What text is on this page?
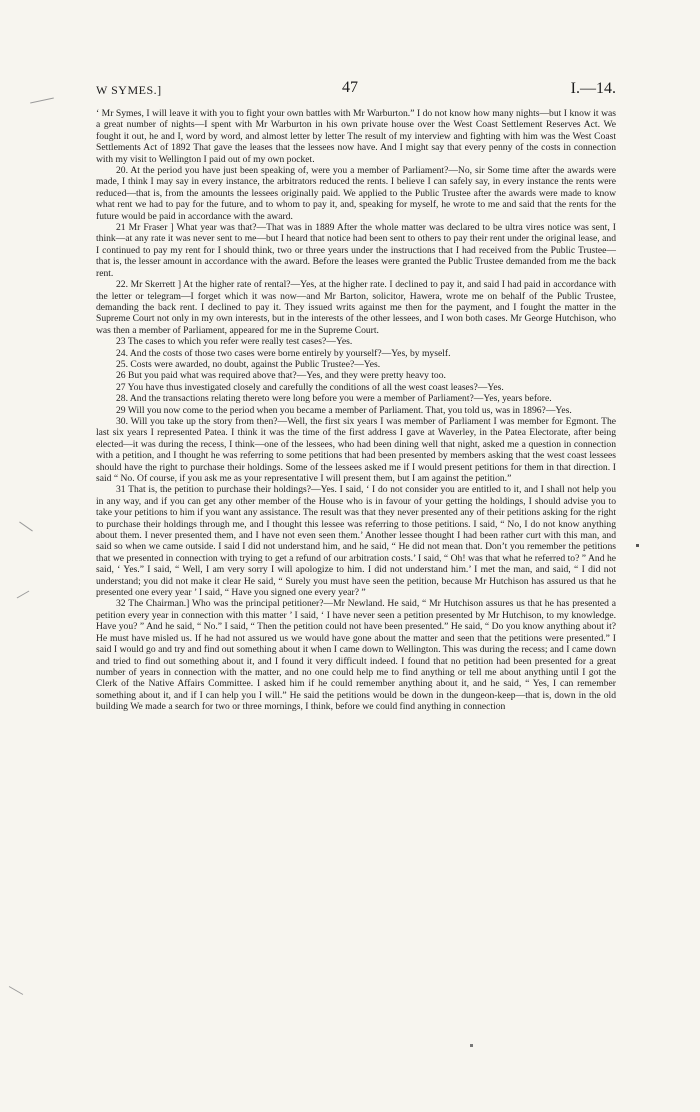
W SYMES.]	47	I.—14.

‘ Mr Symes, I will leave it with you to fight your own battles with Mr Warburton.” I do not know how many nights—but I know it was a great number of nights—I spent with Mr Warburton in his own private house over the West Coast Settlement Reserves Act. We fought it out, he and I, word by word, and almost letter by letter The result of my interview and fighting with him was the West Coast Settlements Act of 1892 That gave the leases that the lessees now have. And I might say that every penny of the costs in connection with my visit to Wellington I paid out of my own pocket.

20. At the period you have just been speaking of, were you a member of Parliament?—No, sir Some time after the awards were made, I think I may say in every instance, the arbitrators reduced the rents. I believe I can safely say, in every instance the rents were reduced—that is, from the amounts the lessees originally paid. We applied to the Public Trustee after the awards were made to know what rent we had to pay for the future, and to whom to pay it, and, speaking for myself, he wrote to me and said that the rents for the future would be paid in accordance with the award.

21 Mr Fraser ] What year was that?—That was in 1889 After the whole matter was declared to be ultra vires notice was sent, I think—at any rate it was never sent to me—but I heard that notice had been sent to others to pay their rent under the original lease, and I continued to pay my rent for I should think, two or three years under the instructions that I had received from the Public Trustee—that is, the lesser amount in accordance with the award. Before the leases were granted the Public Trustee demanded from me the back rent.

22. Mr Skerrett ] At the higher rate of rental?—Yes, at the higher rate. I declined to pay it, and said I had paid in accordance with the letter or telegram—I forget which it was now—and Mr Barton, solicitor, Hawera, wrote me on behalf of the Public Trustee, demanding the back rent. I declined to pay it. They issued writs against me then for the payment, and I fought the matter in the Supreme Court not only in my own interests, but in the interests of the other lessees, and I won both cases. Mr George Hutchison, who was then a member of Parliament, appeared for me in the Supreme Court.

23 The cases to which you refer were really test cases?—Yes.

24. And the costs of those two cases were borne entirely by yourself?—Yes, by myself.

25. Costs were awarded, no doubt, against the Public Trustee?—Yes.

26 But you paid what was required above that?—Yes, and they were pretty heavy too.

27 You have thus investigated closely and carefully the conditions of all the west coast leases?—Yes.

28. And the transactions relating thereto were long before you were a member of Parliament?—Yes, years before.

29 Will you now come to the period when you became a member of Parliament. That, you told us, was in 1896?—Yes.

30. Will you take up the story from then?—Well, the first six years I was member of Parliament I was member for Egmont. The last six years I represented Patea. I think it was the time of the first address I gave at Waverley, in the Patea Electorate, after being elected—it was during the recess, I think—one of the lessees, who had been dining well that night, asked me a question in connection with a petition, and I thought he was referring to some petitions that had been presented by members asking that the west coast lessees should have the right to purchase their holdings. Some of the lessees asked me if I would present petitions for them in that direction. I said “ No. Of course, if you ask me as your representative I will present them, but I am against the petition.”

31 That is, the petition to purchase their holdings?—Yes. I said, ‘ I do not consider you are entitled to it, and I shall not help you in any way, and if you can get any other member of the House who is in favour of your getting the holdings, I should advise you to take your petitions to him if you want any assistance. The result was that they never presented any of their petitions asking for the right to purchase their holdings through me, and I thought this lessee was referring to those petitions. I said, “ No, I do not know anything about them. I never presented them, and I have not even seen them.’ Another lessee thought I had been rather curt with this man, and said so when we came outside. I said I did not understand him, and he said, “ He did not mean that. Don’t you remember the petitions that we presented in connection with trying to get a refund of our arbitration costs.’ I said, “ Oh! was that what he referred to? ” And he said, ‘ Yes.” I said, “ Well, I am very sorry I will apologize to him. I did not understand him.’ I met the man, and said, “ I did not understand; you did not make it clear He said, “ Surely you must have seen the petition, because Mr Hutchison has assured us that he presented one every year ’ I said, “ Have you signed one every year? ”

32 The Chairman.] Who was the principal petitioner?—Mr Newland. He said, “ Mr Hutchison assures us that he has presented a petition every year in connection with this matter ’ I said, ‘ I have never seen a petition presented by Mr Hutchison, to my knowledge. Have you? ” And he said, “ No.” I said, “ Then the petition could not have been presented.” He said, “ Do you know anything about it? He must have misled us. If he had not assured us we would have gone about the matter and seen that the petitions were presented.” I said I would go and try and find out something about it when I came down to Wellington. This was during the recess; and I came down and tried to find out something about it, and I found it very difficult indeed. I found that no petition had been presented for a great number of years in connection with the matter, and no one could help me to find anything or tell me about anything until I got the Clerk of the Native Affairs Committee. I asked him if he could remember anything about it, and he said, “ Yes, I can remember something about it, and if I can help you I will.” He said the petitions would be down in the dungeon-keep—that is, down in the old building We made a search for two or three mornings, I think, before we could find anything in connection
